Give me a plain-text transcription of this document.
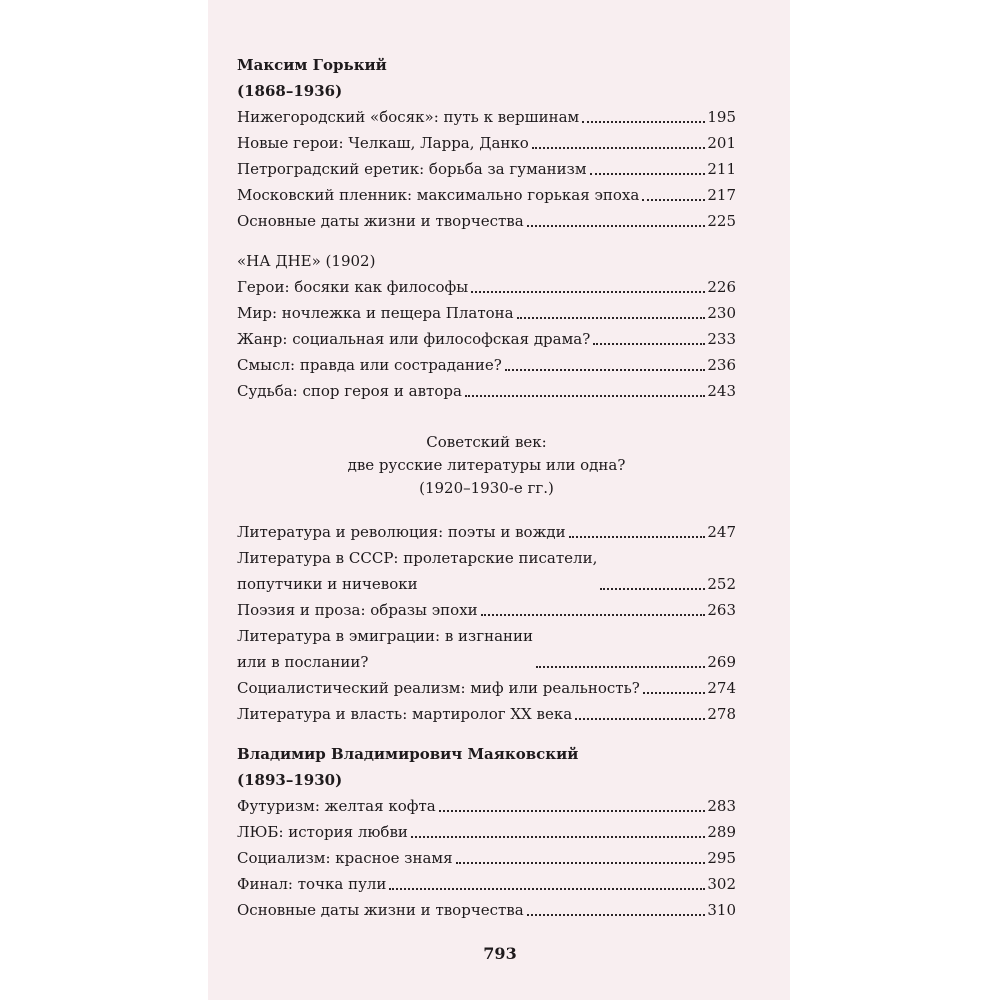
Максим Горький
(1868–1936)
Нижегородский «босяк»: путь к вершинам	195
Новые герои: Челкаш, Ларра, Данко	201
Петроградский еретик: борьба за гуманизм	211
Московский пленник: максимально горькая эпоха	217
Основные даты жизни и творчества	225
«НА ДНЕ» (1902)
Герои: босяки как философы	226
Мир: ночлежка и пещера Платона	230
Жанр: социальная или философская драма?	233
Смысл: правда или сострадание?	236
Судьба: спор героя и автора	243
Советский век:
две русские литературы или одна?
(1920–1930-е гг.)
Литература и революция: поэты и вожди	247
Литература в СССР: пролетарские писатели,
попутчики и ничевоки	252
Поэзия и проза: образы эпохи	263
Литература в эмиграции: в изгнании
или в послании?	269
Социалистический реализм: миф или реальность?	274
Литература и власть: мартиролог XX века	278
Владимир Владимирович Маяковский
(1893–1930)
Футуризм: желтая кофта	283
ЛЮБ: история любви	289
Социализм: красное знамя	295
Финал: точка пули	302
Основные даты жизни и творчества	310
793
